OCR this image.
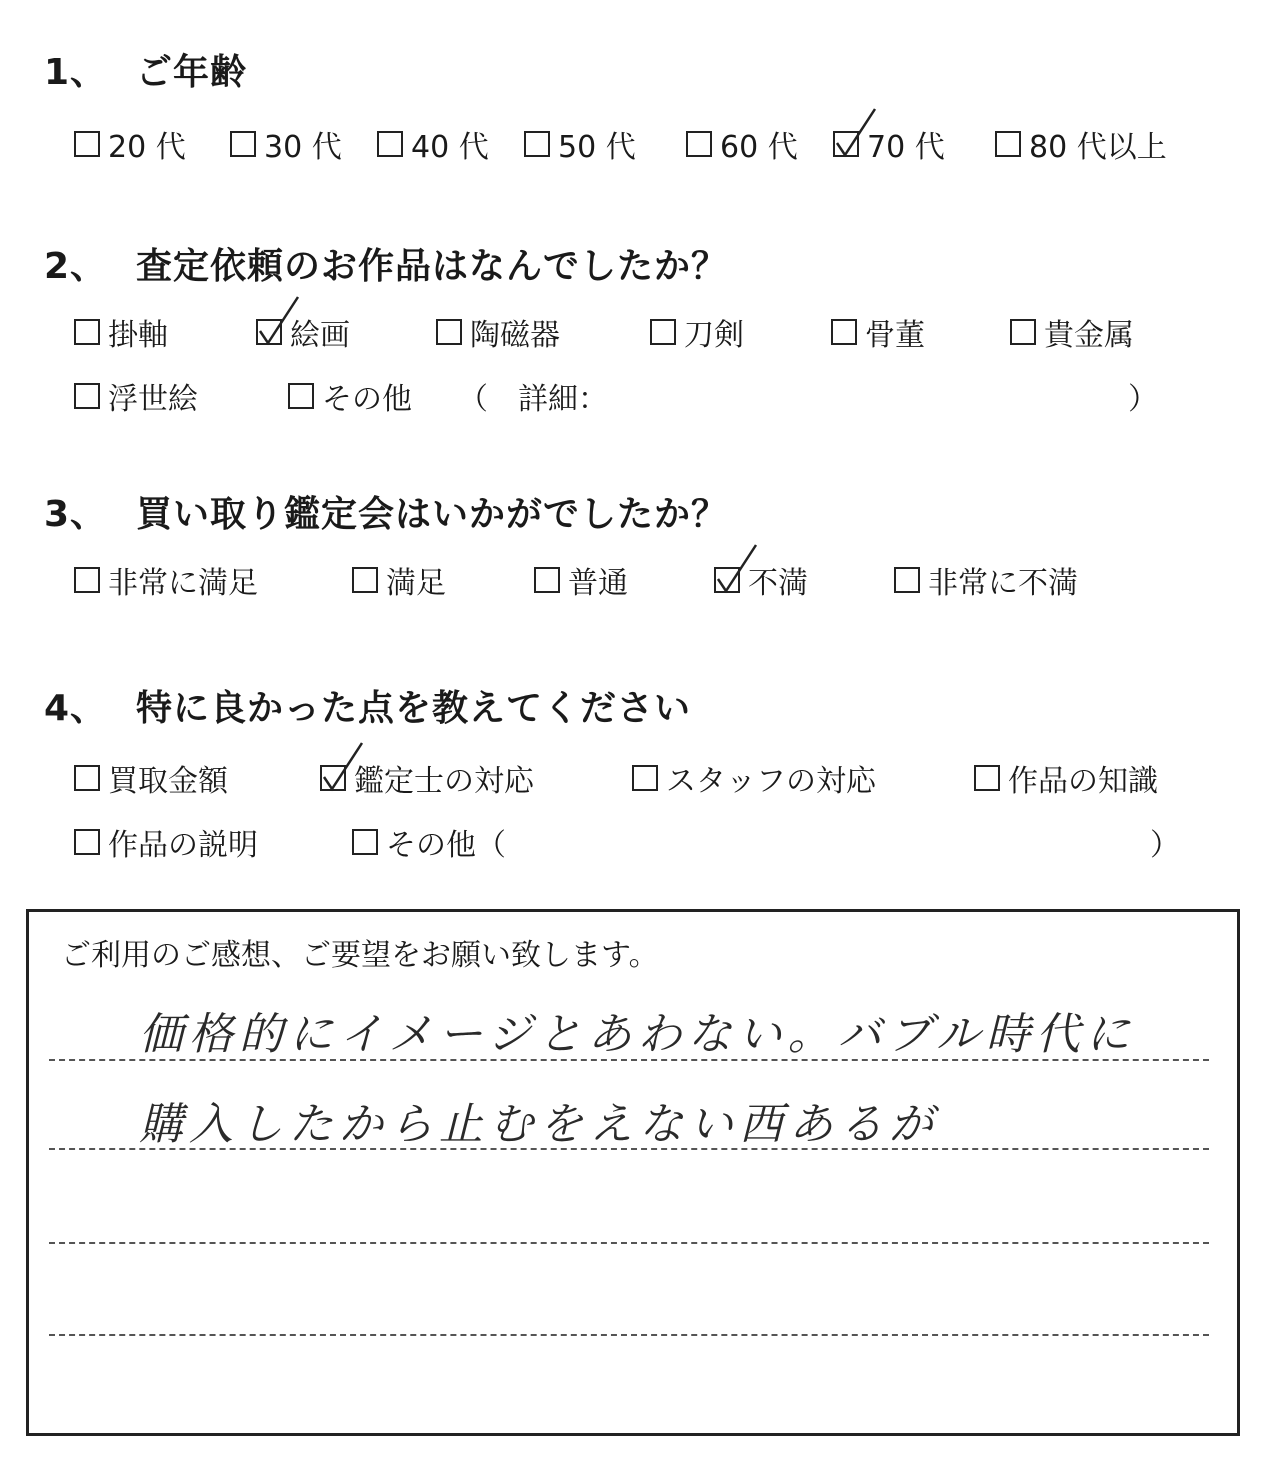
1、 ご年齢
20 代	30 代 40 代 50 代	60 代 70 代	80 代以上
2、 査定依頼のお作品はなんでしたか？
掛軸	絵画	陶磁器	刀剣	骨董	貴金属
浮世絵	その他 （　詳細：	）
3、 買い取り鑑定会はいかがでしたか？
非常に満足	満足	普通	不満	非常に不満
4、 特に良かった点を教えてください
買取金額	鑑定士の対応	スタッフの対応	作品の知識
作品の説明	その他（	）
ご利用のご感想、ご要望をお願い致します。
価格的にイメージとあわない。バブル時代に
購入したから止むをえない西あるが
